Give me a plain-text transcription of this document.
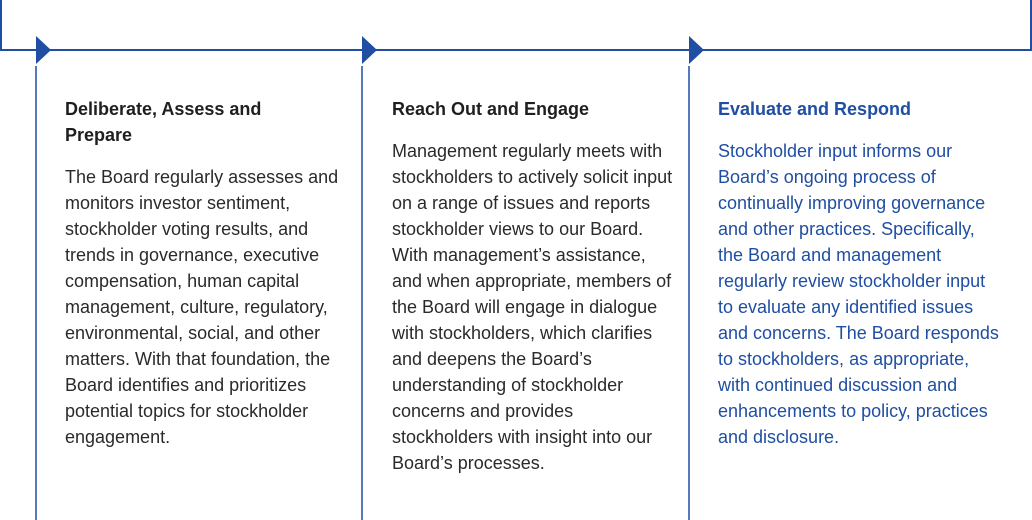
Deliberate, Assess and Prepare

The Board regularly assesses and monitors investor sentiment, stockholder voting results, and trends in governance, executive compensation, human capital management, culture, regulatory, environmental, social, and other matters. With that foundation, the Board identifies and prioritizes potential topics for stockholder engagement.

Reach Out and Engage

Management regularly meets with stockholders to actively solicit input on a range of issues and reports stockholder views to our Board. With management’s assistance, and when appropriate, members of the Board will engage in dialogue with stockholders, which clarifies and deepens the Board’s understanding of stockholder concerns and provides stockholders with insight into our Board’s processes.

Evaluate and Respond

Stockholder input informs our Board’s ongoing process of continually improving governance and other practices. Specifically, the Board and management regularly review stockholder input to evaluate any identified issues and concerns. The Board responds to stockholders, as appropriate, with continued discussion and enhancements to policy, practices and disclosure.
